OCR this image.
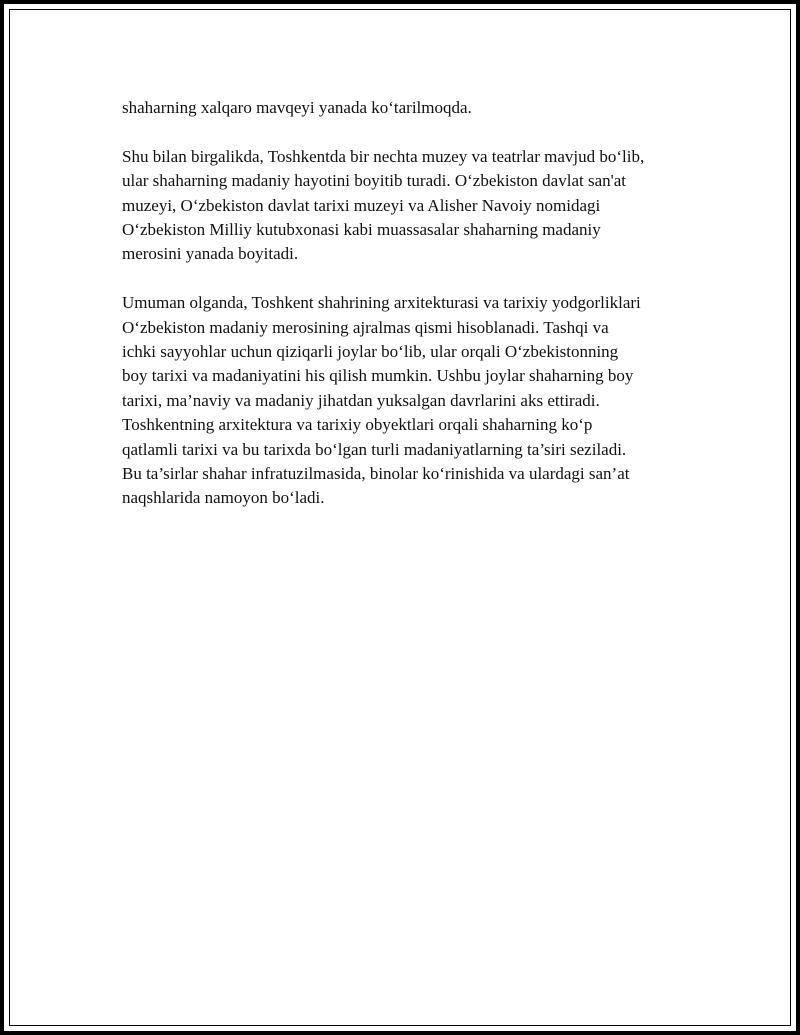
shaharning xalqaro mavqeyi yanada ko‘tarilmoqda.

Shu bilan birgalikda, Toshkentda bir nechta muzey va teatrlar mavjud bo‘lib,
ular shaharning madaniy hayotini boyitib turadi. O‘zbekiston davlat san'at
muzeyi, O‘zbekiston davlat tarixi muzeyi va Alisher Navoiy nomidagi
O‘zbekiston Milliy kutubxonasi kabi muassasalar shaharning madaniy
merosini yanada boyitadi.

Umuman olganda, Toshkent shahrining arxitekturasi va tarixiy yodgorliklari
O‘zbekiston madaniy merosining ajralmas qismi hisoblanadi. Tashqi va
ichki sayyohlar uchun qiziqarli joylar bo‘lib, ular orqali O‘zbekistonning
boy tarixi va madaniyatini his qilish mumkin. Ushbu joylar shaharning boy
tarixi, ma’naviy va madaniy jihatdan yuksalgan davrlarini aks ettiradi.
Toshkentning arxitektura va tarixiy obyektlari orqali shaharning ko‘p
qatlamli tarixi va bu tarixda bo‘lgan turli madaniyatlarning ta’siri seziladi.
Bu ta’sirlar shahar infratuzilmasida, binolar ko‘rinishida va ulardagi san’at
naqshlarida namoyon bo‘ladi.
